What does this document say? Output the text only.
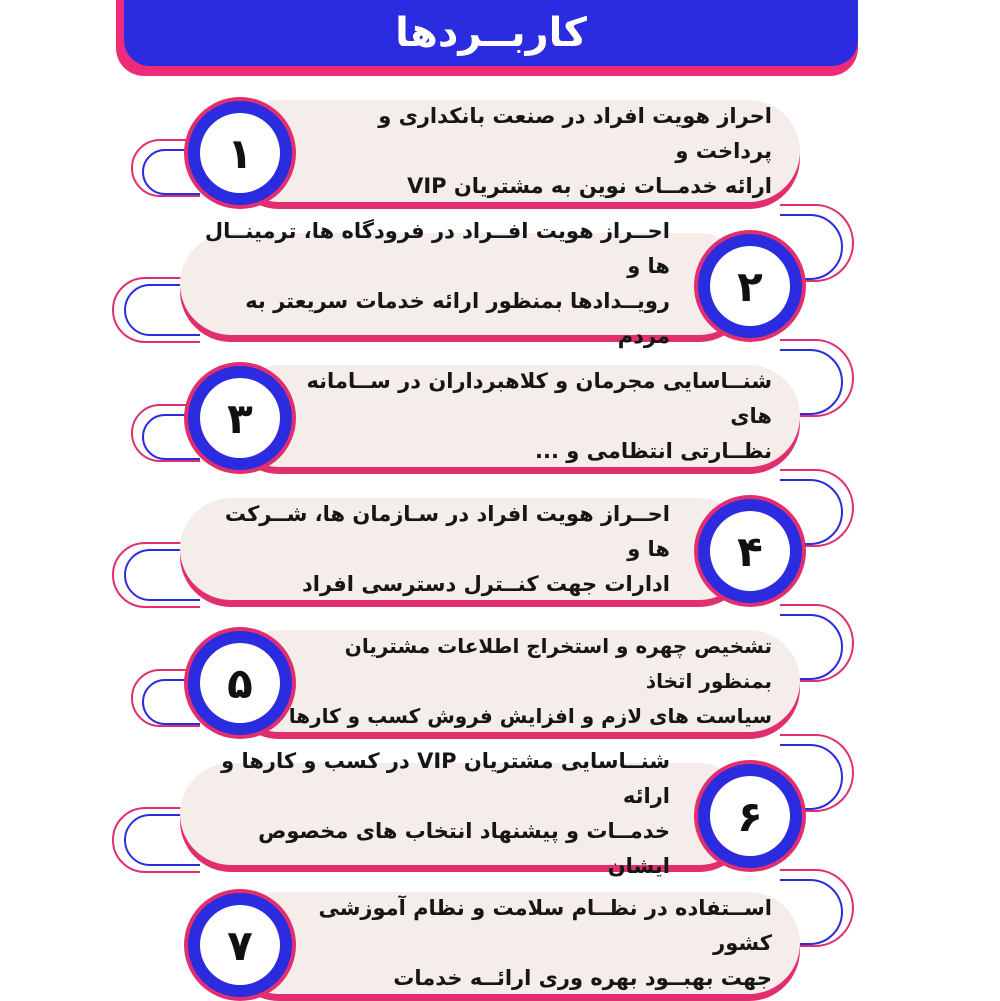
کاربــردها
احراز هویت افراد در صنعت بانکداری و پرداخت و
ارائه خدمــات نوین به مشتریان VIP
۱
احــراز هویت افــراد در فرودگاه ها، ترمینــال ها و
رویــدادها بمنظور ارائه خدمات سریعتر به مردم
۲
شنــاسایی مجرمان و کلاهبرداران در ســامانه های
نظــارتی انتظامی و ...
۳
احــراز هویت افراد در سـازمان ها، شــرکت ها و
ادارات جهت کنــترل دسترسی افراد
۴
تشخیص چهره و استخراج اطلاعات مشتریان بمنظور اتخاذ
سیاست های لازم و افزایش فروش کسب و کارها
۵
شنــاسایی مشتریان VIP در کسب و کارها و ارائه
خدمــات و پیشنهاد انتخاب های مخصوص ایشان
۶
اســتفاده در نظــام سلامت و نظام آموزشی کشور
جهت بهبــود بهره وری ارائــه خدمات
۷
